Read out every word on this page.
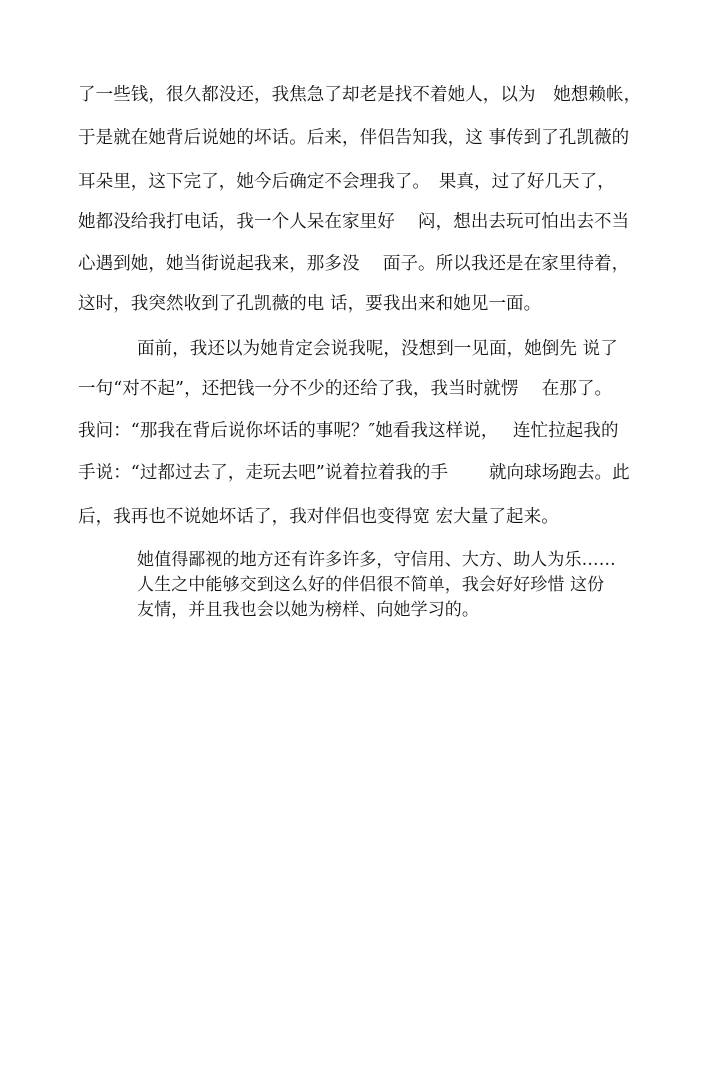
了一些钱，很久都没还，我焦急了却老是找不着她人，以为　她想赖帐，
于是就在她背后说她的坏话。后来，伴侣告知我，这 事传到了孔凯薇的
耳朵里，这下完了，她今后确定不会理我了。　果真，过了好几天了，
她都没给我打电话，我一个人呆在家里好　 闷，想出去玩可怕出去不当
心遇到她，她当街说起我来，那多没　 面子。所以我还是在家里待着，
这时，我突然收到了孔凯薇的电 话，要我出来和她见一面。
面前，我还以为她肯定会说我呢，没想到一见面，她倒先 说了
一句“对不起”，还把钱一分不少的还给了我，我当时就愣　 在那了。
我问：“那我在背后说你坏话的事呢？″她看我这样说，　 连忙拉起我的
手说：“过都过去了，走玩去吧”说着拉着我的手　　 就向球场跑去。此
后，我再也不说她坏话了，我对伴侣也变得宽 宏大量了起来。
她值得鄙视的地方还有许多许多，守信用、大方、助人为乐……
人生之中能够交到这么好的伴侣很不简单，我会好好珍惜 这份
友情，并且我也会以她为榜样、向她学习的。
